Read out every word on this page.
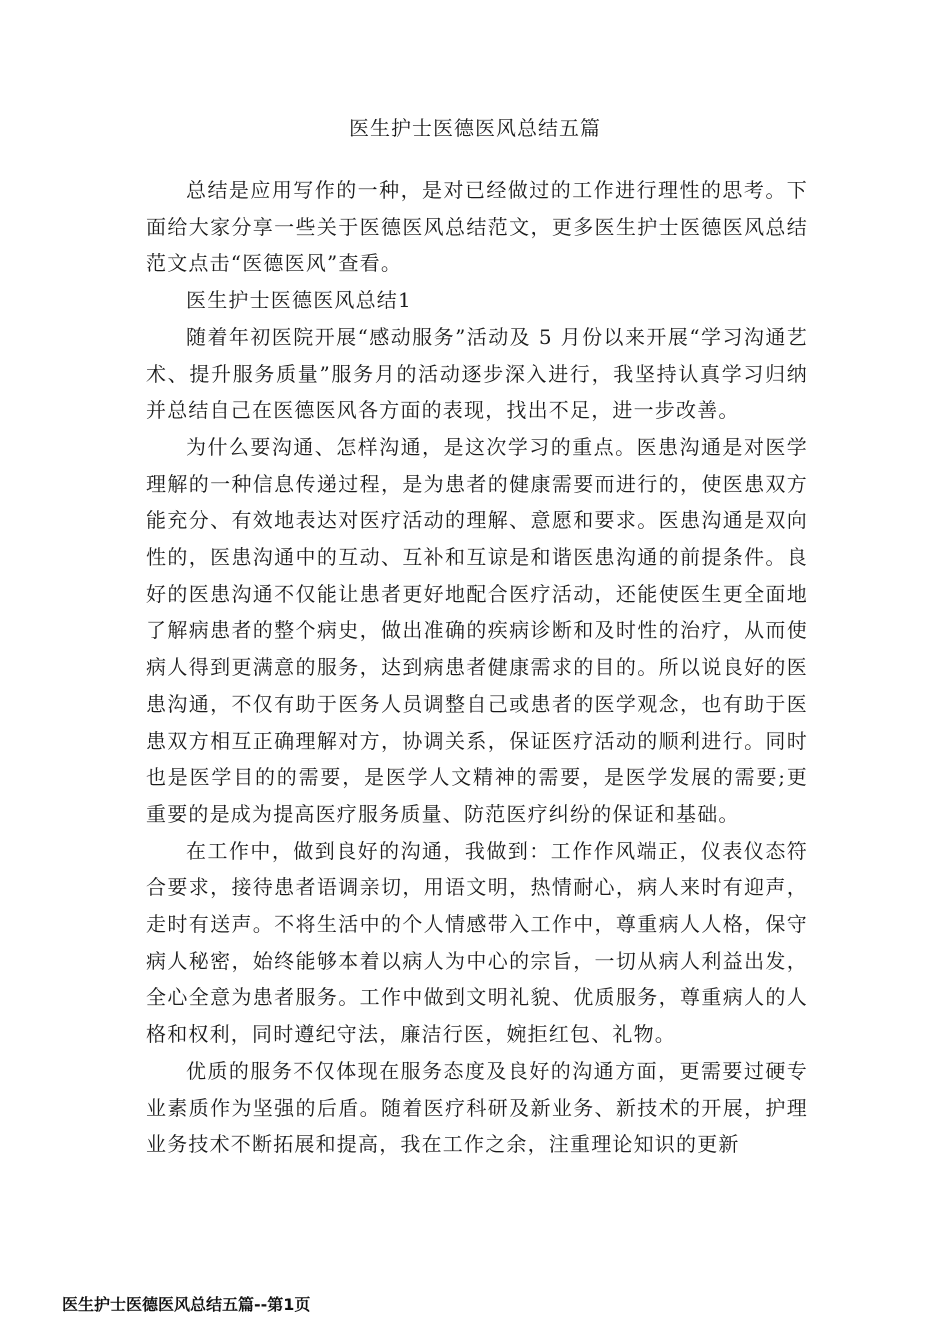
医生护士医德医风总结五篇

总结是应用写作的一种，是对已经做过的工作进行理性的思考。下面给大家分享一些关于医德医风总结范文，更多医生护士医德医风总结范文点击“医德医风”查看。

医生护士医德医风总结1

随着年初医院开展“感动服务”活动及 5 月份以来开展“学习沟通艺术、提升服务质量”服务月的活动逐步深入进行，我坚持认真学习归纳并总结自己在医德医风各方面的表现，找出不足，进一步改善。

为什么要沟通、怎样沟通，是这次学习的重点。医患沟通是对医学理解的一种信息传递过程，是为患者的健康需要而进行的，使医患双方能充分、有效地表达对医疗活动的理解、意愿和要求。医患沟通是双向性的，医患沟通中的互动、互补和互谅是和谐医患沟通的前提条件。良好的医患沟通不仅能让患者更好地配合医疗活动，还能使医生更全面地了解病患者的整个病史，做出准确的疾病诊断和及时性的治疗，从而使病人得到更满意的服务，达到病患者健康需求的目的。所以说良好的医患沟通，不仅有助于医务人员调整自己或患者的医学观念，也有助于医患双方相互正确理解对方，协调关系，保证医疗活动的顺利进行。同时也是医学目的的需要，是医学人文精神的需要，是医学发展的需要;更重要的是成为提高医疗服务质量、防范医疗纠纷的保证和基础。

在工作中，做到良好的沟通，我做到：工作作风端正，仪表仪态符合要求，接待患者语调亲切，用语文明，热情耐心，病人来时有迎声，走时有送声。不将生活中的个人情感带入工作中，尊重病人人格，保守病人秘密，始终能够本着以病人为中心的宗旨，一切从病人利益出发，全心全意为患者服务。工作中做到文明礼貌、优质服务，尊重病人的人格和权利，同时遵纪守法，廉洁行医，婉拒红包、礼物。

优质的服务不仅体现在服务态度及良好的沟通方面，更需要过硬专业素质作为坚强的后盾。随着医疗科研及新业务、新技术的开展，护理业务技术不断拓展和提高，我在工作之余，注重理论知识的更新

医生护士医德医风总结五篇--第1页
